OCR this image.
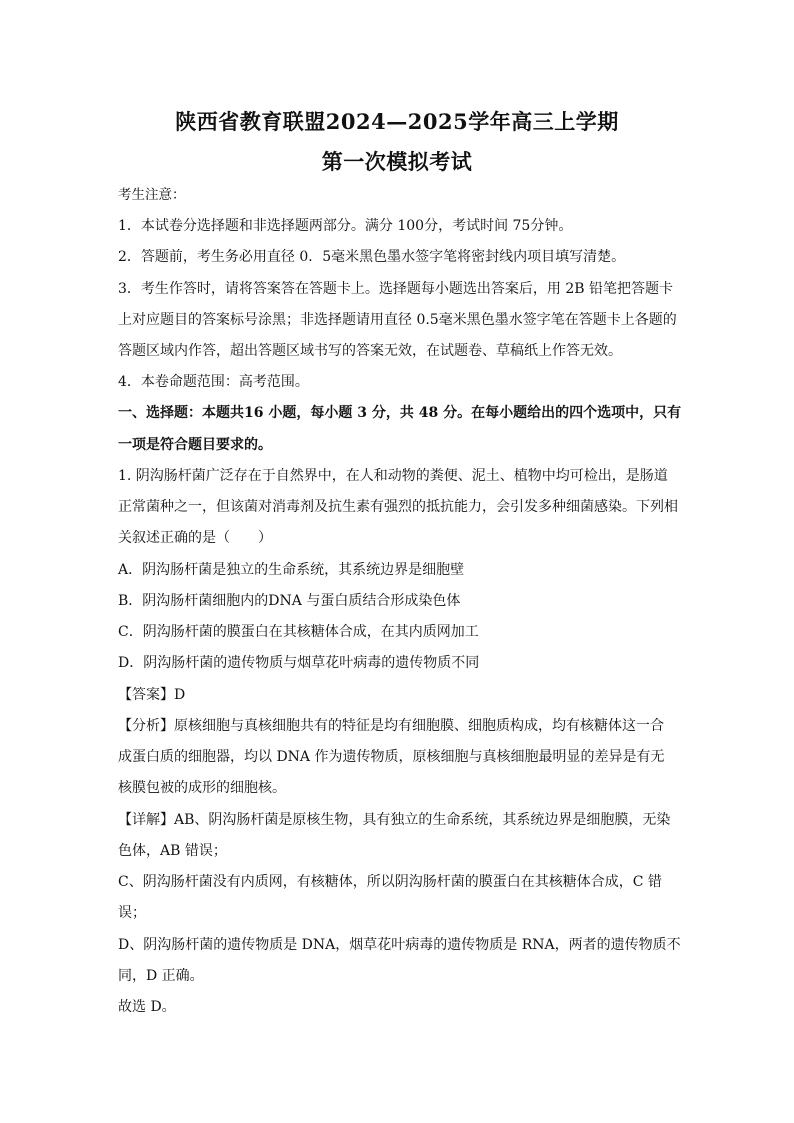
陕西省教育联盟2024—2025学年高三上学期
第一次模拟考试
考生注意：
1．本试卷分选择题和非选择题两部分。满分 100分，考试时间 75分钟。
2．答题前，考生务必用直径 0．5毫米黑色墨水签字笔将密封线内项目填写清楚。
3．考生作答时，请将答案答在答题卡上。选择题每小题选出答案后，用 2B 铅笔把答题卡
上对应题目的答案标号涂黑；非选择题请用直径 0.5毫米黑色墨水签字笔在答题卡上各题的
答题区域内作答，超出答题区域书写的答案无效，在试题卷、草稿纸上作答无效。
4．本卷命题范围：高考范围。
一、选择题：本题共16 小题，每小题 3 分，共 48 分。在每小题给出的四个选项中，只有
一项是符合题目要求的。
1. 阴沟肠杆菌广泛存在于自然界中，在人和动物的粪便、泥土、植物中均可检出，是肠道
正常菌种之一，但该菌对消毒剂及抗生素有强烈的抵抗能力，会引发多种细菌感染。下列相
关叙述正确的是（　　）
A．阴沟肠杆菌是独立的生命系统，其系统边界是细胞壁
B．阴沟肠杆菌细胞内的DNA 与蛋白质结合形成染色体
C．阴沟肠杆菌的膜蛋白在其核糖体合成，在其内质网加工
D．阴沟肠杆菌的遗传物质与烟草花叶病毒的遗传物质不同
【答案】D
【分析】原核细胞与真核细胞共有的特征是均有细胞膜、细胞质构成，均有核糖体这一合
成蛋白质的细胞器，均以 DNA 作为遗传物质，原核细胞与真核细胞最明显的差异是有无
核膜包被的成形的细胞核。
【详解】AB、阴沟肠杆菌是原核生物，具有独立的生命系统，其系统边界是细胞膜，无染
色体，AB 错误；
C、阴沟肠杆菌没有内质网，有核糖体，所以阴沟肠杆菌的膜蛋白在其核糖体合成，C 错
误；
D、阴沟肠杆菌的遗传物质是 DNA，烟草花叶病毒的遗传物质是 RNA，两者的遗传物质不
同，D 正确。
故选 D。
